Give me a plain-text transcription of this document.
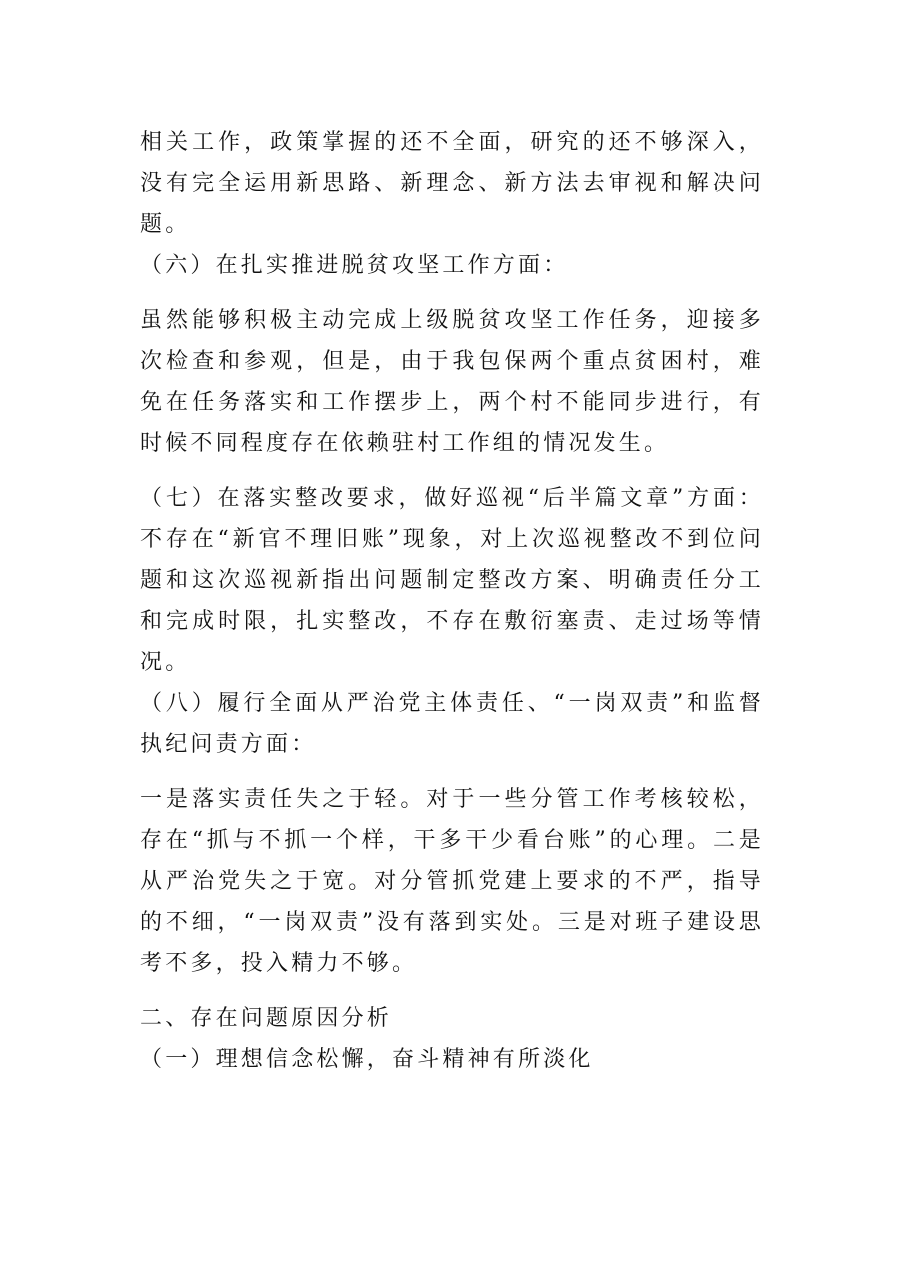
相关工作，政策掌握的还不全面，研究的还不够深入，没有完全运用新思路、新理念、新方法去审视和解决问题。

（六）在扎实推进脱贫攻坚工作方面：

虽然能够积极主动完成上级脱贫攻坚工作任务，迎接多次检查和参观，但是，由于我包保两个重点贫困村，难免在任务落实和工作摆步上，两个村不能同步进行，有时候不同程度存在依赖驻村工作组的情况发生。

（七）在落实整改要求，做好巡视“后半篇文章”方面：不存在“新官不理旧账”现象，对上次巡视整改不到位问题和这次巡视新指出问题制定整改方案、明确责任分工和完成时限，扎实整改，不存在敷衍塞责、走过场等情况。

（八）履行全面从严治党主体责任、“一岗双责”和监督执纪问责方面：

一是落实责任失之于轻。对于一些分管工作考核较松，存在“抓与不抓一个样，干多干少看台账”的心理。二是从严治党失之于宽。对分管抓党建上要求的不严，指导的不细，“一岗双责”没有落到实处。三是对班子建设思考不多，投入精力不够。

二、存在问题原因分析

（一）理想信念松懈，奋斗精神有所淡化
